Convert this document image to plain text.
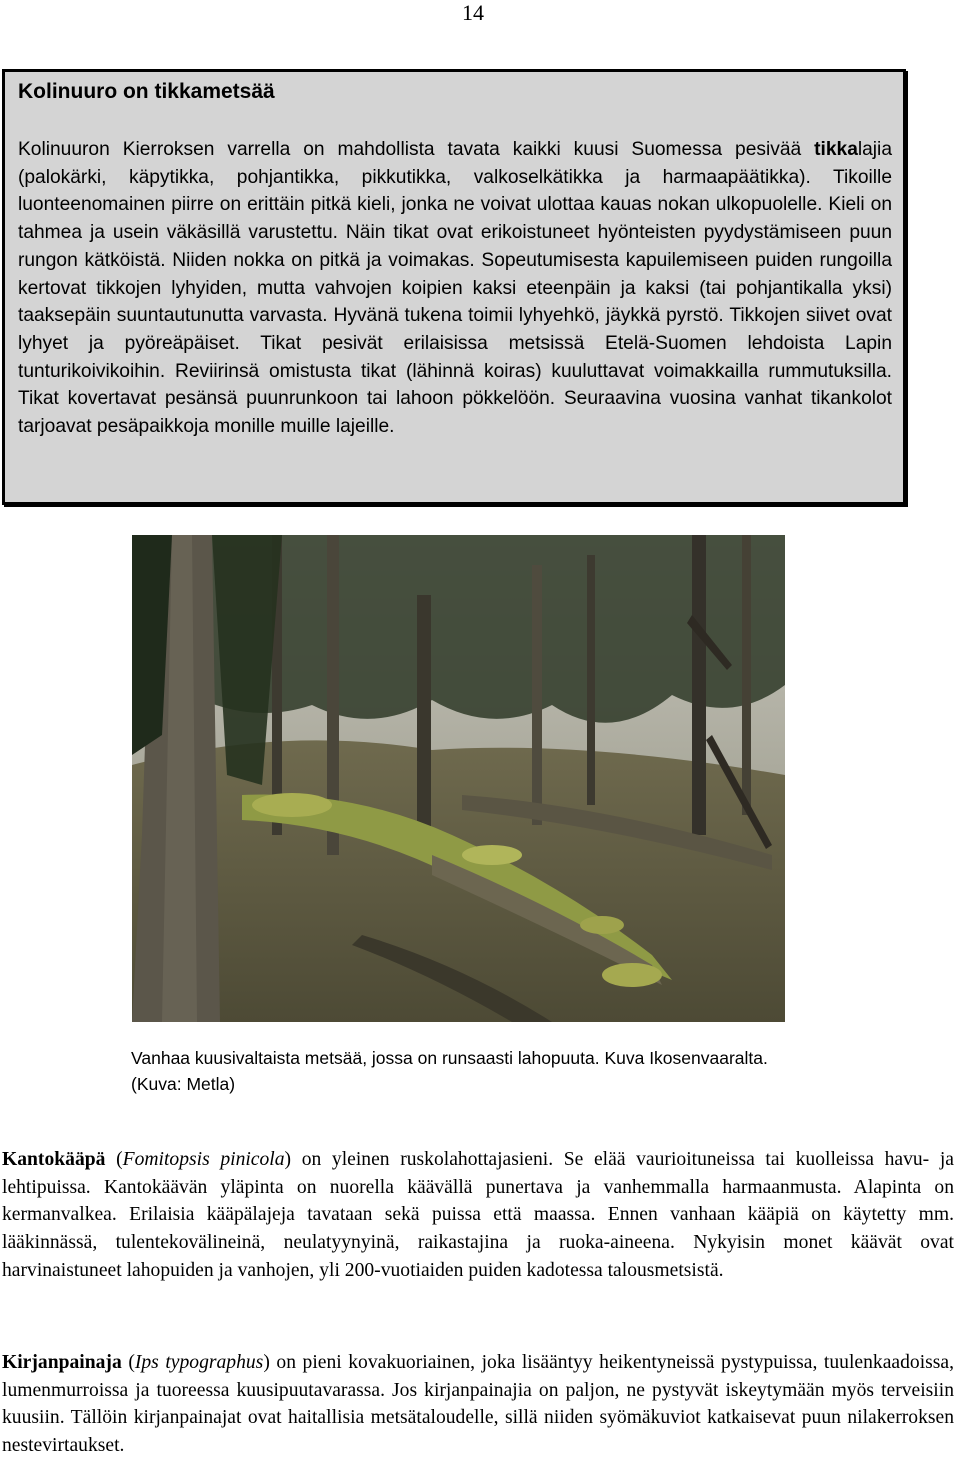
14
Kolinuuro on tikkametsää
Kolinuuron Kierroksen varrella on mahdollista tavata kaikki kuusi Suomessa pesivää tikkalajia (palokärki, käpytikka, pohjantikka, pikkutikka, valkoselkätikka ja harmaapäätikka). Tikoille luonteenomainen piirre on erittäin pitkä kieli, jonka ne voivat ulottaa kauas nokan ulkopuolelle. Kieli on tahmea ja usein väkäsillä varustettu. Näin tikat ovat erikoistuneet hyönteisten pyydystämiseen puun rungon kätköistä. Niiden nokka on pitkä ja voimakas. Sopeutumisesta kapuilemiseen puiden rungoilla kertovat tikkojen lyhyiden, mutta vahvojen koipien kaksi eteenpäin ja kaksi (tai pohjantikalla yksi) taaksepäin suuntautunutta varvasta. Hyvänä tukena toimii lyhyehkö, jäykkä pyrstö. Tikkojen siivet ovat lyhyet ja pyöreäpäiset. Tikat pesivät erilaisissa metsissä Etelä-Suomen lehdoista Lapin tunturikoivikoihin. Reviirinsä omistusta tikat (lähinnä koiras) kuuluttavat voimakkailla rummutuksilla. Tikat kovertavat pesänsä puunrunkoon tai lahoon pökkelöön. Seuraavina vuosina vanhat tikankolot tarjoavat pesäpaikkoja monille muille lajeille.
Vanhaa kuusivaltaista metsää, jossa on runsaasti lahopuuta. Kuva Ikosenvaaralta. (Kuva: Metla)
Kantokääpä (Fomitopsis pinicola) on yleinen ruskolahottajasieni. Se elää vaurioituneissa tai kuolleissa havu- ja lehtipuissa. Kantokäävän yläpinta on nuorella käävällä punertava ja vanhemmalla harmaanmusta. Alapinta on kermanvalkea. Erilaisia kääpälajeja tavataan sekä puissa että maassa. Ennen vanhaan kääpiä on käytetty mm. lääkinnässä, tulentekovälineinä, neulatyynyinä, raikastajina ja ruoka-aineena. Nykyisin monet käävät ovat harvinaistuneet lahopuiden ja vanhojen, yli 200-vuotiaiden puiden kadotessa talousmetsistä.
Kirjanpainaja (Ips typographus) on pieni kovakuoriainen, joka lisääntyy heikentyneissä pystypuissa, tuulenkaadoissa, lumenmurroissa ja tuoreessa kuusipuutavarassa. Jos kirjanpainajia on paljon, ne pystyvät iskeytymään myös terveisiin kuusiin. Tällöin kirjanpainajat ovat haitallisia metsätaloudelle, sillä niiden syömäkuviot katkaisevat puun nilakerroksen nestevirtaukset.
